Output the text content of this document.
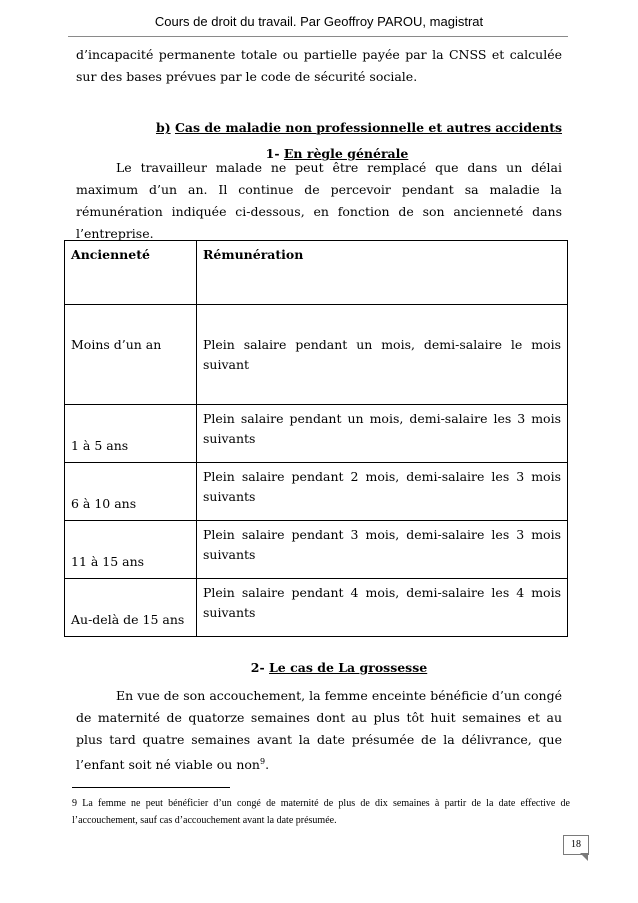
Cours de droit du travail. Par Geoffroy PAROU, magistrat
d’incapacité permanente totale ou partielle payée par la CNSS et calculée sur des bases prévues par le code de sécurité sociale.
b) Cas de maladie non professionnelle et autres accidents
1- En règle générale
Le travailleur malade ne peut être remplacé que dans un délai maximum d’un an. Il continue de percevoir pendant sa maladie la rémunération indiquée ci-dessous, en fonction de son ancienneté dans l’entreprise.
Ancienneté	Rémunération
Moins d’un an	Plein salaire pendant un mois, demi-salaire le mois suivant
1 à 5 ans	Plein salaire pendant un mois, demi-salaire les 3 mois suivants
6 à 10 ans	Plein salaire pendant 2 mois, demi-salaire les 3 mois suivants
11 à 15 ans	Plein salaire pendant 3 mois, demi-salaire les 3 mois suivants
Au-delà de 15 ans	Plein salaire pendant 4 mois, demi-salaire les 4 mois suivants
2- Le cas de La grossesse
En vue de son accouchement, la femme enceinte bénéficie d’un congé de maternité de quatorze semaines dont au plus tôt huit semaines et au plus tard quatre semaines avant la date présumée de la délivrance, que l’enfant soit né viable ou non$^9$.
9 La femme ne peut bénéficier d’un congé de maternité de plus de dix semaines à partir de la date effective de l’accouchement, sauf cas d’accouchement avant la date présumée.
18
